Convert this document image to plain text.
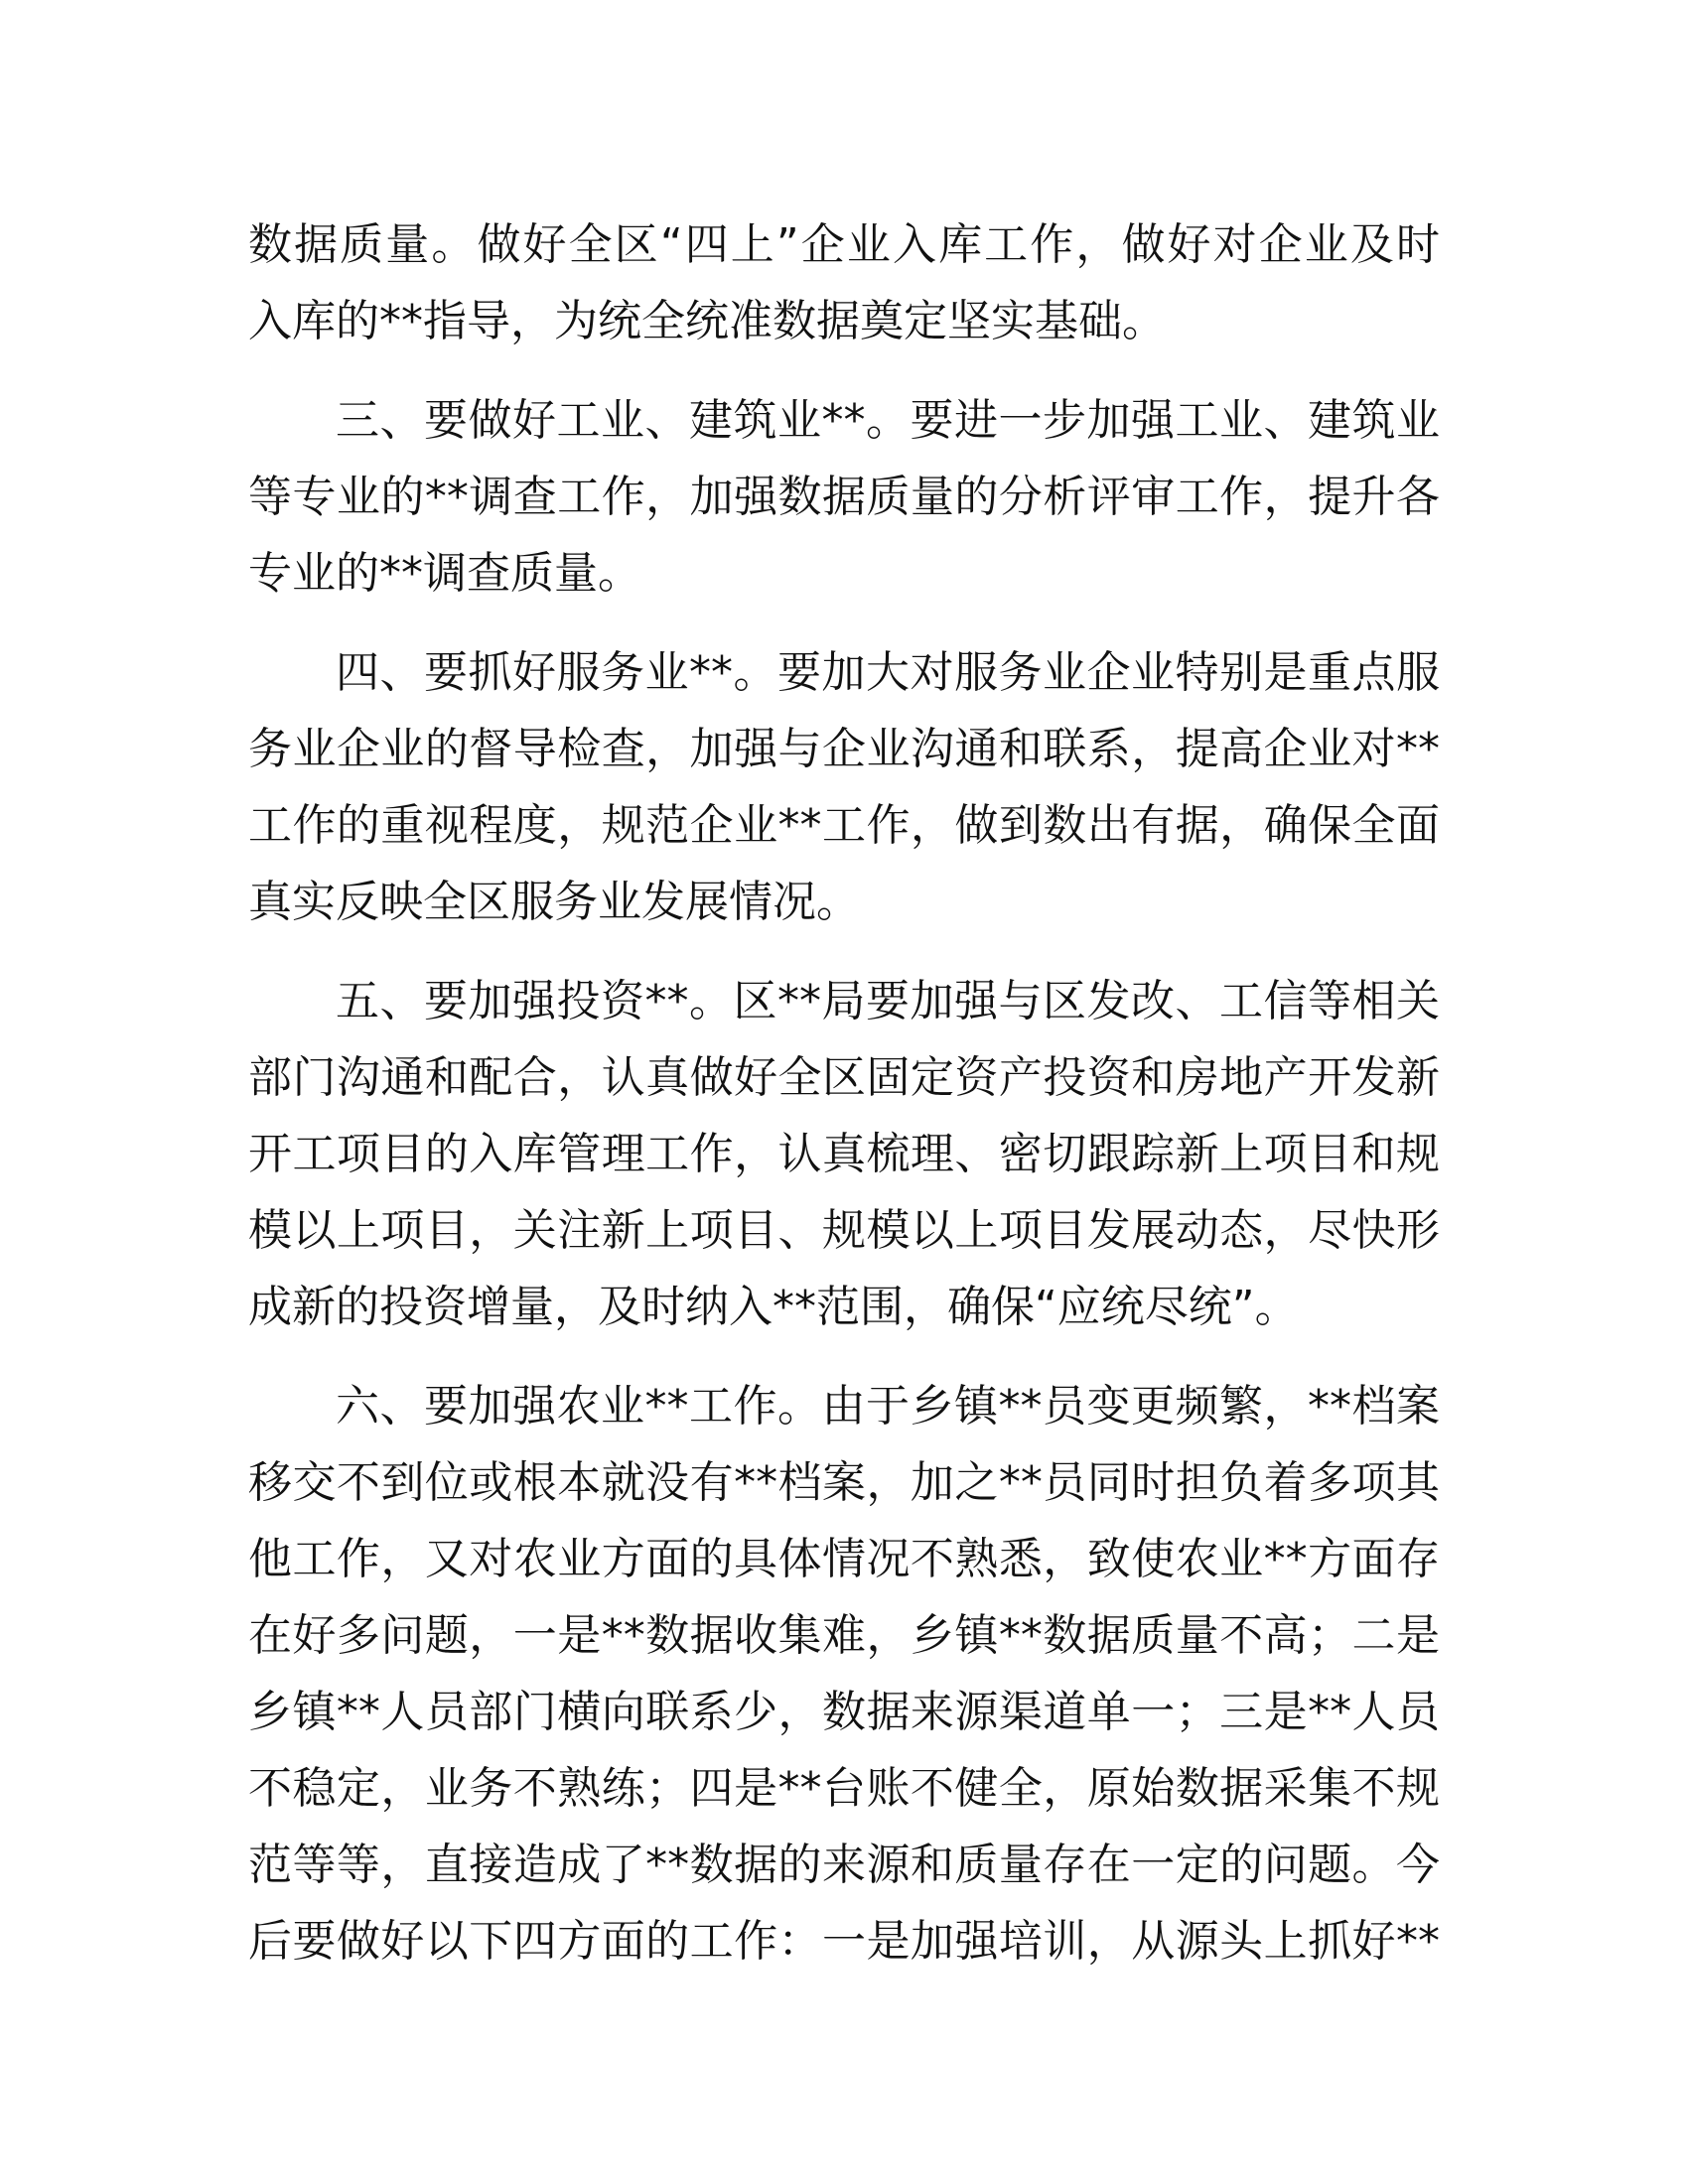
数据质量。做好全区“四上”企业入库工作，做好对企业及时
入库的**指导，为统全统准数据奠定坚实基础。
三、要做好工业、建筑业**。要进一步加强工业、建筑业
等专业的**调查工作，加强数据质量的分析评审工作，提升各
专业的**调查质量。
四、要抓好服务业**。要加大对服务业企业特别是重点服
务业企业的督导检查，加强与企业沟通和联系，提高企业对**
工作的重视程度，规范企业**工作，做到数出有据，确保全面
真实反映全区服务业发展情况。
五、要加强投资**。区**局要加强与区发改、工信等相关
部门沟通和配合，认真做好全区固定资产投资和房地产开发新
开工项目的入库管理工作，认真梳理、密切跟踪新上项目和规
模以上项目，关注新上项目、规模以上项目发展动态，尽快形
成新的投资增量，及时纳入**范围，确保“应统尽统”。
六、要加强农业**工作。由于乡镇**员变更频繁，**档案
移交不到位或根本就没有**档案，加之**员同时担负着多项其
他工作，又对农业方面的具体情况不熟悉，致使农业**方面存
在好多问题，一是**数据收集难，乡镇**数据质量不高；二是
乡镇**人员部门横向联系少，数据来源渠道单一；三是**人员
不稳定，业务不熟练；四是**台账不健全，原始数据采集不规
范等等，直接造成了**数据的来源和质量存在一定的问题。今
后要做好以下四方面的工作：一是加强培训，从源头上抓好**
